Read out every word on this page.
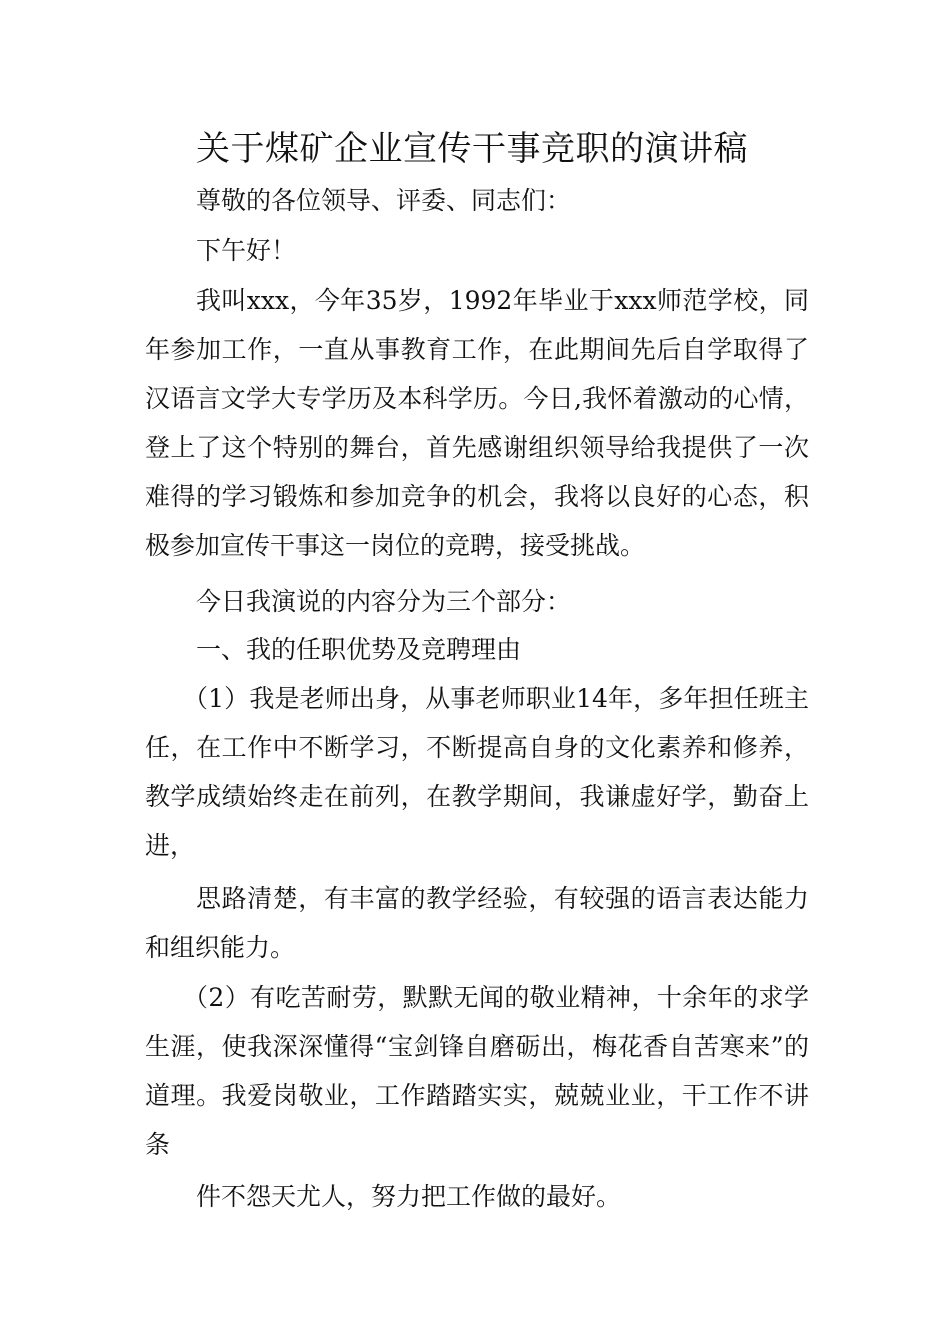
关于煤矿企业宣传干事竞职的演讲稿

尊敬的各位领导、评委、同志们：

下午好！

我叫xxx，今年35岁，1992年毕业于xxx师范学校，同年参加工作，一直从事教育工作，在此期间先后自学取得了汉语言文学大专学历及本科学历。今日,我怀着激动的心情，登上了这个特别的舞台，首先感谢组织领导给我提供了一次难得的学习锻炼和参加竞争的机会，我将以良好的心态，积极参加宣传干事这一岗位的竞聘，接受挑战。

今日我演说的内容分为三个部分：

一、我的任职优势及竞聘理由

（1）我是老师出身，从事老师职业14年，多年担任班主任，在工作中不断学习，不断提高自身的文化素养和修养，教学成绩始终走在前列，在教学期间，我谦虚好学，勤奋上进，

思路清楚，有丰富的教学经验，有较强的语言表达能力和组织能力。

（2）有吃苦耐劳，默默无闻的敬业精神，十余年的求学生涯，使我深深懂得“宝剑锋自磨砺出，梅花香自苦寒来”的道理。我爱岗敬业，工作踏踏实实，兢兢业业，干工作不讲条

件不怨天尤人，努力把工作做的最好。
